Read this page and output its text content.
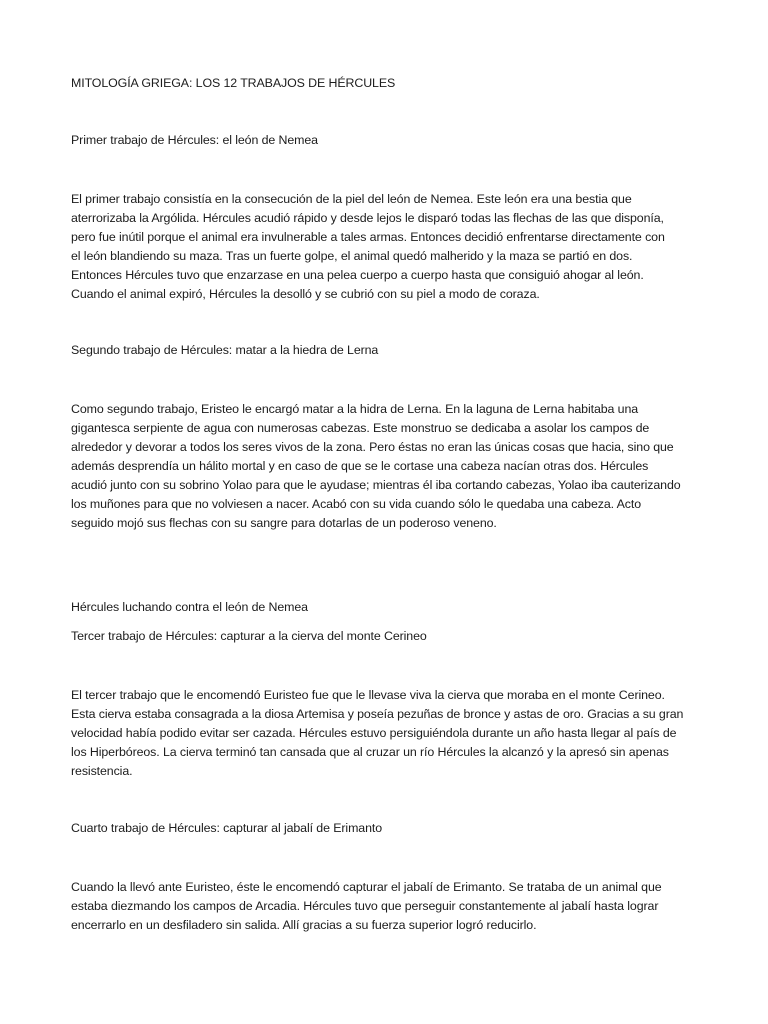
MITOLOGÍA GRIEGA: LOS 12 TRABAJOS DE HÉRCULES
Primer trabajo de Hércules: el león de Nemea
El primer trabajo consistía en la consecución de la piel del león de Nemea. Este león era una bestia que
aterrorizaba la Argólida. Hércules acudió rápido y desde lejos le disparó todas las flechas de las que disponía,
pero fue inútil porque el animal era invulnerable a tales armas. Entonces decidió enfrentarse directamente con
el león blandiendo su maza. Tras un fuerte golpe, el animal quedó malherido y la maza se partió en dos.
Entonces Hércules tuvo que enzarzase en una pelea cuerpo a cuerpo hasta que consiguió ahogar al león.
Cuando el animal expiró, Hércules la desolló y se cubrió con su piel a modo de coraza.
Segundo trabajo de Hércules: matar a la hiedra de Lerna
Como segundo trabajo, Eristeo le encargó matar a la hidra de Lerna. En la laguna de Lerna habitaba una
gigantesca serpiente de agua con numerosas cabezas. Este monstruo se dedicaba a asolar los campos de
alrededor y devorar a todos los seres vivos de la zona. Pero éstas no eran las únicas cosas que hacia, sino que
además desprendía un hálito mortal y en caso de que se le cortase una cabeza nacían otras dos. Hércules
acudió junto con su sobrino Yolao para que le ayudase; mientras él iba cortando cabezas, Yolao iba cauterizando
los muñones para que no volviesen a nacer. Acabó con su vida cuando sólo le quedaba una cabeza. Acto
seguido mojó sus flechas con su sangre para dotarlas de un poderoso veneno.
Hércules luchando contra el león de Nemea
Tercer trabajo de Hércules: capturar a la cierva del monte Cerineo
El tercer trabajo que le encomendó Euristeo fue que le llevase viva la cierva que moraba en el monte Cerineo.
Esta cierva estaba consagrada a la diosa Artemisa y poseía pezuñas de bronce y astas de oro. Gracias a su gran
velocidad había podido evitar ser cazada. Hércules estuvo persiguiéndola durante un año hasta llegar al país de
los Hiperbóreos. La cierva terminó tan cansada que al cruzar un río Hércules la alcanzó y la apresó sin apenas
resistencia.
Cuarto trabajo de Hércules: capturar al jabalí de Erimanto
Cuando la llevó ante Euristeo, éste le encomendó capturar el jabalí de Erimanto. Se trataba de un animal que
estaba diezmando los campos de Arcadia. Hércules tuvo que perseguir constantemente al jabalí hasta lograr
encerrarlo en un desfiladero sin salida. Allí gracias a su fuerza superior logró reducirlo.
